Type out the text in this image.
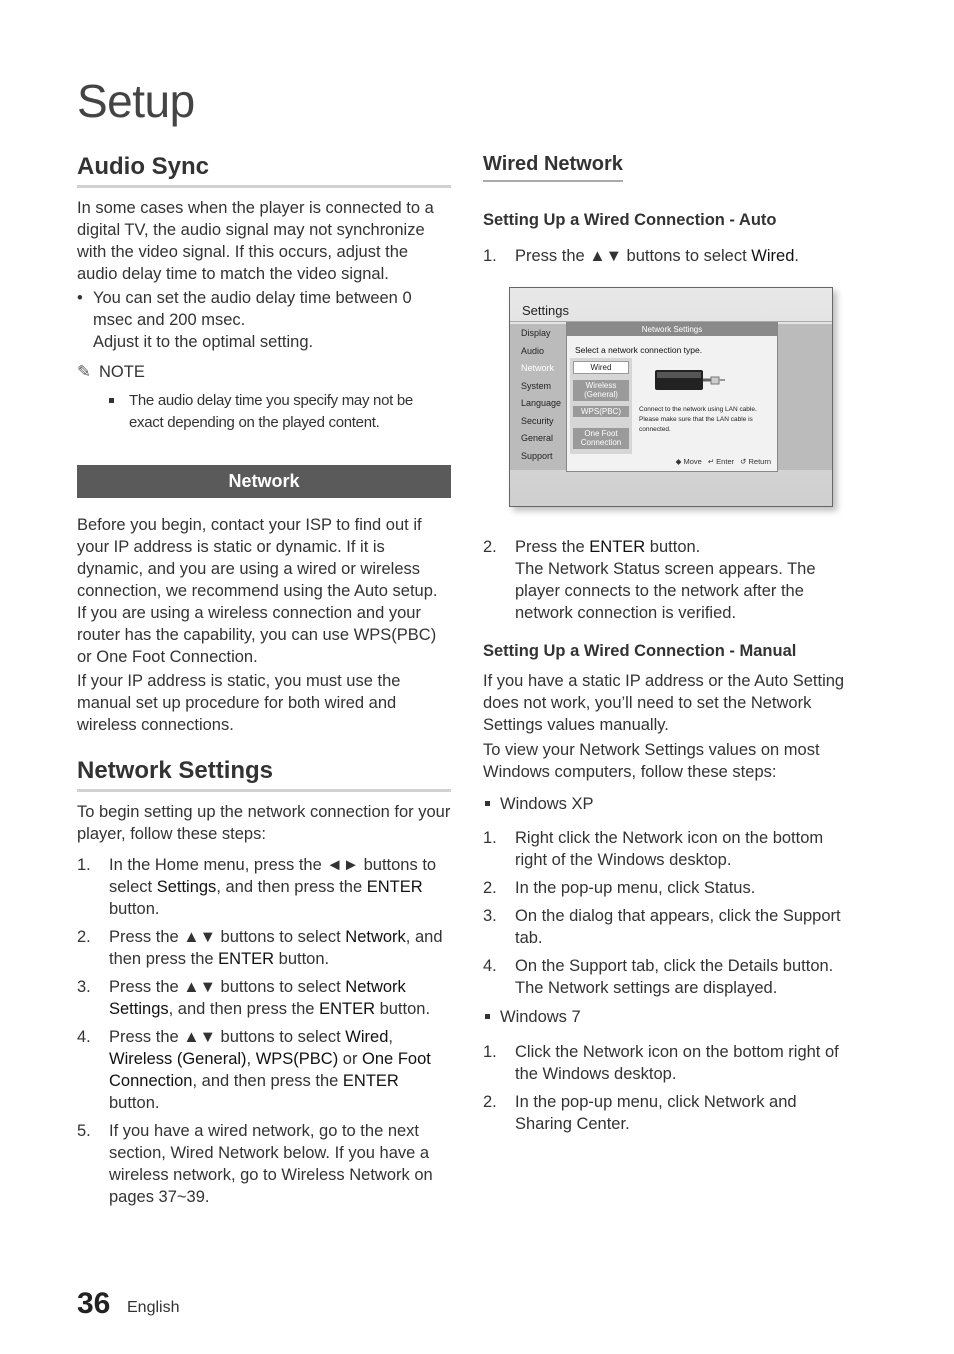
Setup
Audio Sync

In some cases when the player is connected to a digital TV, the audio signal may not synchronize with the video signal. If this occurs, adjust the audio delay time to match the video signal.

• You can set the audio delay time between 0 msec and 200 msec.
Adjust it to the optimal setting.
✎ NOTE
The audio delay time you specify may not be exact depending on the played content.
Network

Before you begin, contact your ISP to find out if your IP address is static or dynamic. If it is dynamic, and you are using a wired or wireless connection, we recommend using the Auto setup. If you are using a wireless connection and your router has the capability, you can use WPS(PBC) or One Foot Connection.

If your IP address is static, you must use the manual set up procedure for both wired and wireless connections.

Network Settings

To begin setting up the network connection for your player, follow these steps:

1. In the Home menu, press the ◄► buttons to select Settings, and then press the ENTER button.
2. Press the ▲▼ buttons to select Network, and then press the ENTER button.
3. Press the ▲▼ buttons to select Network Settings, and then press the ENTER button.
4. Press the ▲▼ buttons to select Wired, Wireless (General), WPS(PBC) or One Foot Connection, and then press the ENTER button.
5. If you have a wired network, go to the next section, Wired Network below. If you have a wireless network, go to Wireless Network on pages 37~39.
Wired Network
Setting Up a Wired Connection - Auto
1. Press the ▲▼ buttons to select Wired.
Settings
Display
Audio
Network
System
Language
Security
General
Support
Network Settings
Select a network connection type.
Wired
Wireless
(General)
WPS(PBC)
One Foot
Connection
Connect to the network using LAN cable. Please make sure that the LAN cable is connected.
◆ Move ↵ Enter ↺ Return
2. Press the ENTER button.
The Network Status screen appears. The player connects to the network after the network connection is verified.
Setting Up a Wired Connection - Manual

If you have a static IP address or the Auto Setting does not work, you’ll need to set the Network Settings values manually.

To view your Network Settings values on most Windows computers, follow these steps:

Windows XP
1. Right click the Network icon on the bottom right of the Windows desktop.
2. In the pop-up menu, click Status.
3. On the dialog that appears, click the Support tab.
4. On the Support tab, click the Details button. The Network settings are displayed.
Windows 7
1. Click the Network icon on the bottom right of the Windows desktop.
2. In the pop-up menu, click Network and Sharing Center.
36 English
